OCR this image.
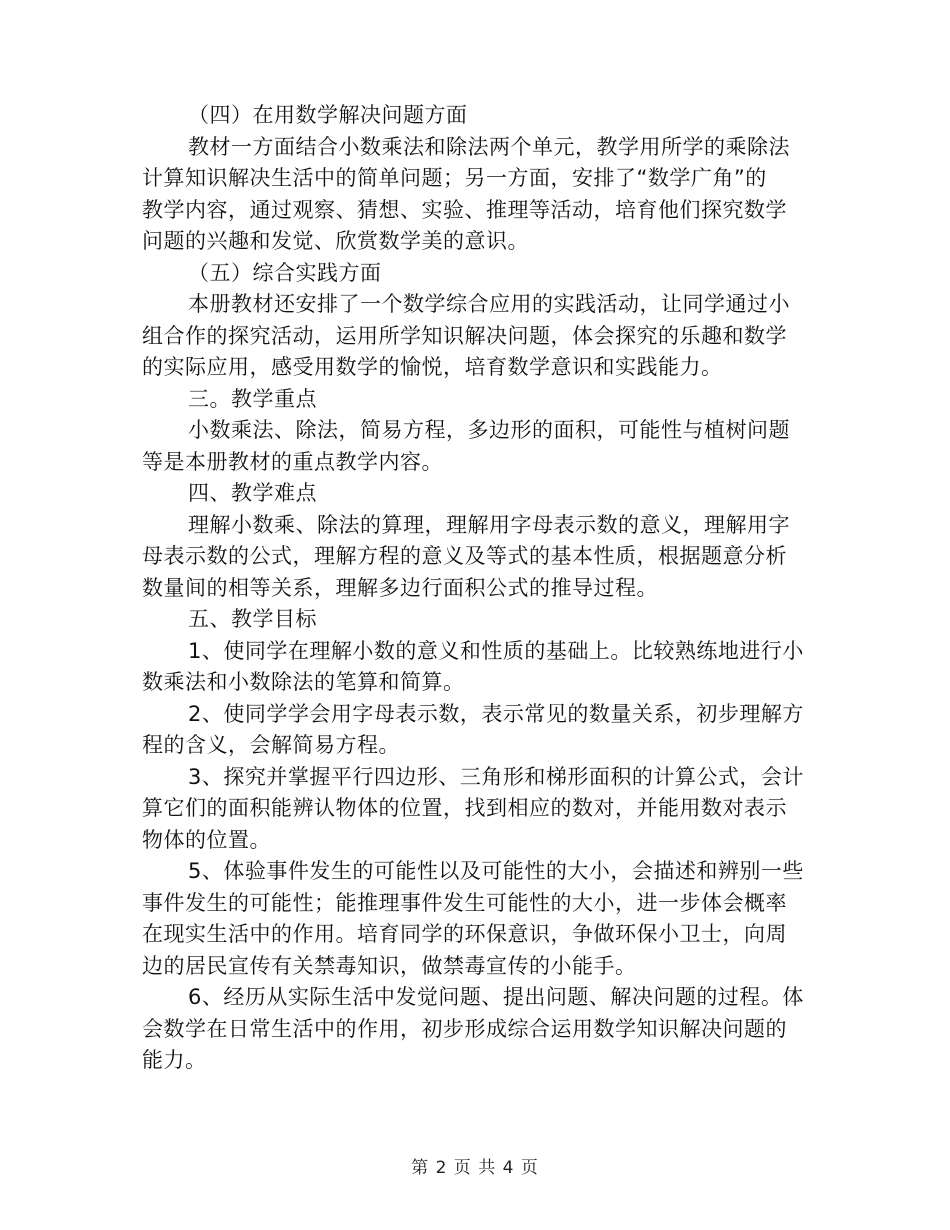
（四）在用数学解决问题方面
教材一方面结合小数乘法和除法两个单元，教学用所学的乘除法
计算知识解决生活中的简单问题；另一方面，安排了“数学广角”的
教学内容，通过观察、猜想、实验、推理等活动，培育他们探究数学
问题的兴趣和发觉、欣赏数学美的意识。
（五）综合实践方面
本册教材还安排了一个数学综合应用的实践活动，让同学通过小
组合作的探究活动，运用所学知识解决问题，体会探究的乐趣和数学
的实际应用，感受用数学的愉悦，培育数学意识和实践能力。
三。教学重点
小数乘法、除法，简易方程，多边形的面积，可能性与植树问题
等是本册教材的重点教学内容。
四、教学难点
理解小数乘、除法的算理，理解用字母表示数的意义，理解用字
母表示数的公式，理解方程的意义及等式的基本性质，根据题意分析
数量间的相等关系，理解多边行面积公式的推导过程。
五、教学目标
1、使同学在理解小数的意义和性质的基础上。比较熟练地进行小
数乘法和小数除法的笔算和简算。
2、使同学学会用字母表示数，表示常见的数量关系，初步理解方
程的含义，会解简易方程。
3、探究并掌握平行四边形、三角形和梯形面积的计算公式，会计
算它们的面积能辨认物体的位置，找到相应的数对，并能用数对表示
物体的位置。
5、体验事件发生的可能性以及可能性的大小，会描述和辨别一些
事件发生的可能性；能推理事件发生可能性的大小，进一步体会概率
在现实生活中的作用。培育同学的环保意识，争做环保小卫士，向周
边的居民宣传有关禁毒知识，做禁毒宣传的小能手。
6、经历从实际生活中发觉问题、提出问题、解决问题的过程。体
会数学在日常生活中的作用，初步形成综合运用数学知识解决问题的
能力。
第 2 页 共 4 页
